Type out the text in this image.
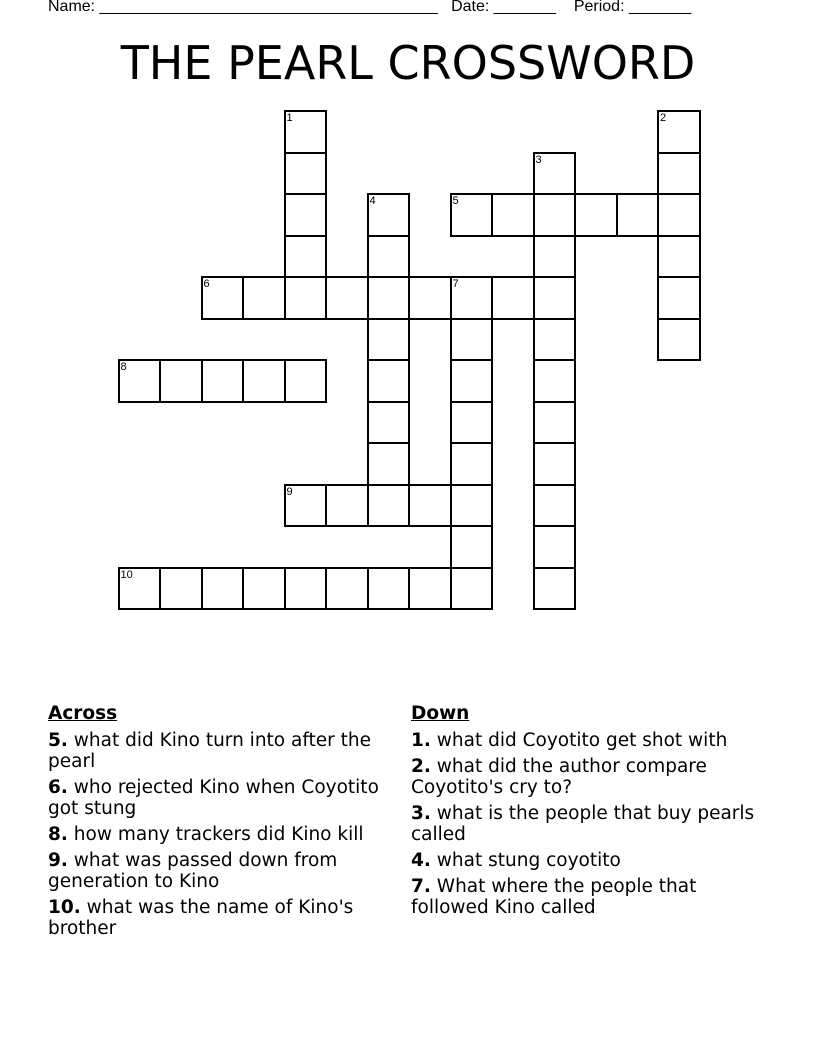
Name: ______________________________________ Date: _______ Period: _______
THE PEARL CROSSWORD
1	2
3
4	5
6	7
8
9
10
Across
5. what did Kino turn into after the pearl
6. who rejected Kino when Coyotito got stung
8. how many trackers did Kino kill
9. what was passed down from generation to Kino
10. what was the name of Kino's brother
Down
1. what did Coyotito get shot with
2. what did the author compare Coyotito's cry to?
3. what is the people that buy pearls called
4. what stung coyotito
7. What where the people that followed Kino called
